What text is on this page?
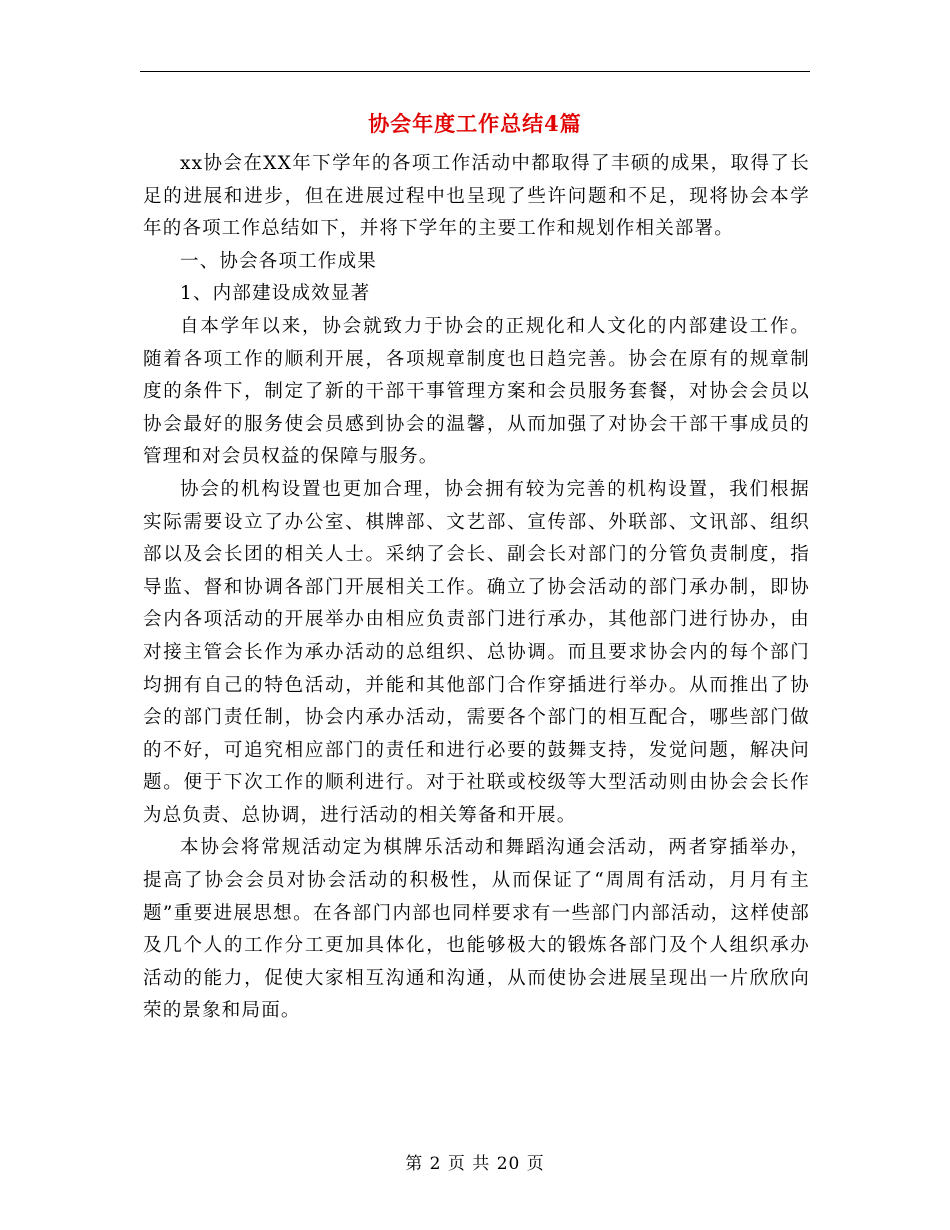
协会年度工作总结4篇

xx协会在XX年下学年的各项工作活动中都取得了丰硕的成果，取得了长足的进展和进步，但在进展过程中也呈现了些许问题和不足，现将协会本学年的各项工作总结如下，并将下学年的主要工作和规划作相关部署。

一、协会各项工作成果

1、内部建设成效显著

自本学年以来，协会就致力于协会的正规化和人文化的内部建设工作。随着各项工作的顺利开展，各项规章制度也日趋完善。协会在原有的规章制度的条件下，制定了新的干部干事管理方案和会员服务套餐，对协会会员以协会最好的服务使会员感到协会的温馨，从而加强了对协会干部干事成员的管理和对会员权益的保障与服务。

协会的机构设置也更加合理，协会拥有较为完善的机构设置，我们根据实际需要设立了办公室、棋牌部、文艺部、宣传部、外联部、文讯部、组织部以及会长团的相关人士。采纳了会长、副会长对部门的分管负责制度，指导监、督和协调各部门开展相关工作。确立了协会活动的部门承办制，即协会内各项活动的开展举办由相应负责部门进行承办，其他部门进行协办，由对接主管会长作为承办活动的总组织、总协调。而且要求协会内的每个部门均拥有自己的特色活动，并能和其他部门合作穿插进行举办。从而推出了协会的部门责任制，协会内承办活动，需要各个部门的相互配合，哪些部门做的不好，可追究相应部门的责任和进行必要的鼓舞支持，发觉问题，解决问题。便于下次工作的顺利进行。对于社联或校级等大型活动则由协会会长作为总负责、总协调，进行活动的相关筹备和开展。

本协会将常规活动定为棋牌乐活动和舞蹈沟通会活动，两者穿插举办，提高了协会会员对协会活动的积极性，从而保证了“周周有活动，月月有主题”重要进展思想。在各部门内部也同样要求有一些部门内部活动，这样使部及几个人的工作分工更加具体化，也能够极大的锻炼各部门及个人组织承办活动的能力，促使大家相互沟通和沟通，从而使协会进展呈现出一片欣欣向荣的景象和局面。

第 2 页 共 20 页
